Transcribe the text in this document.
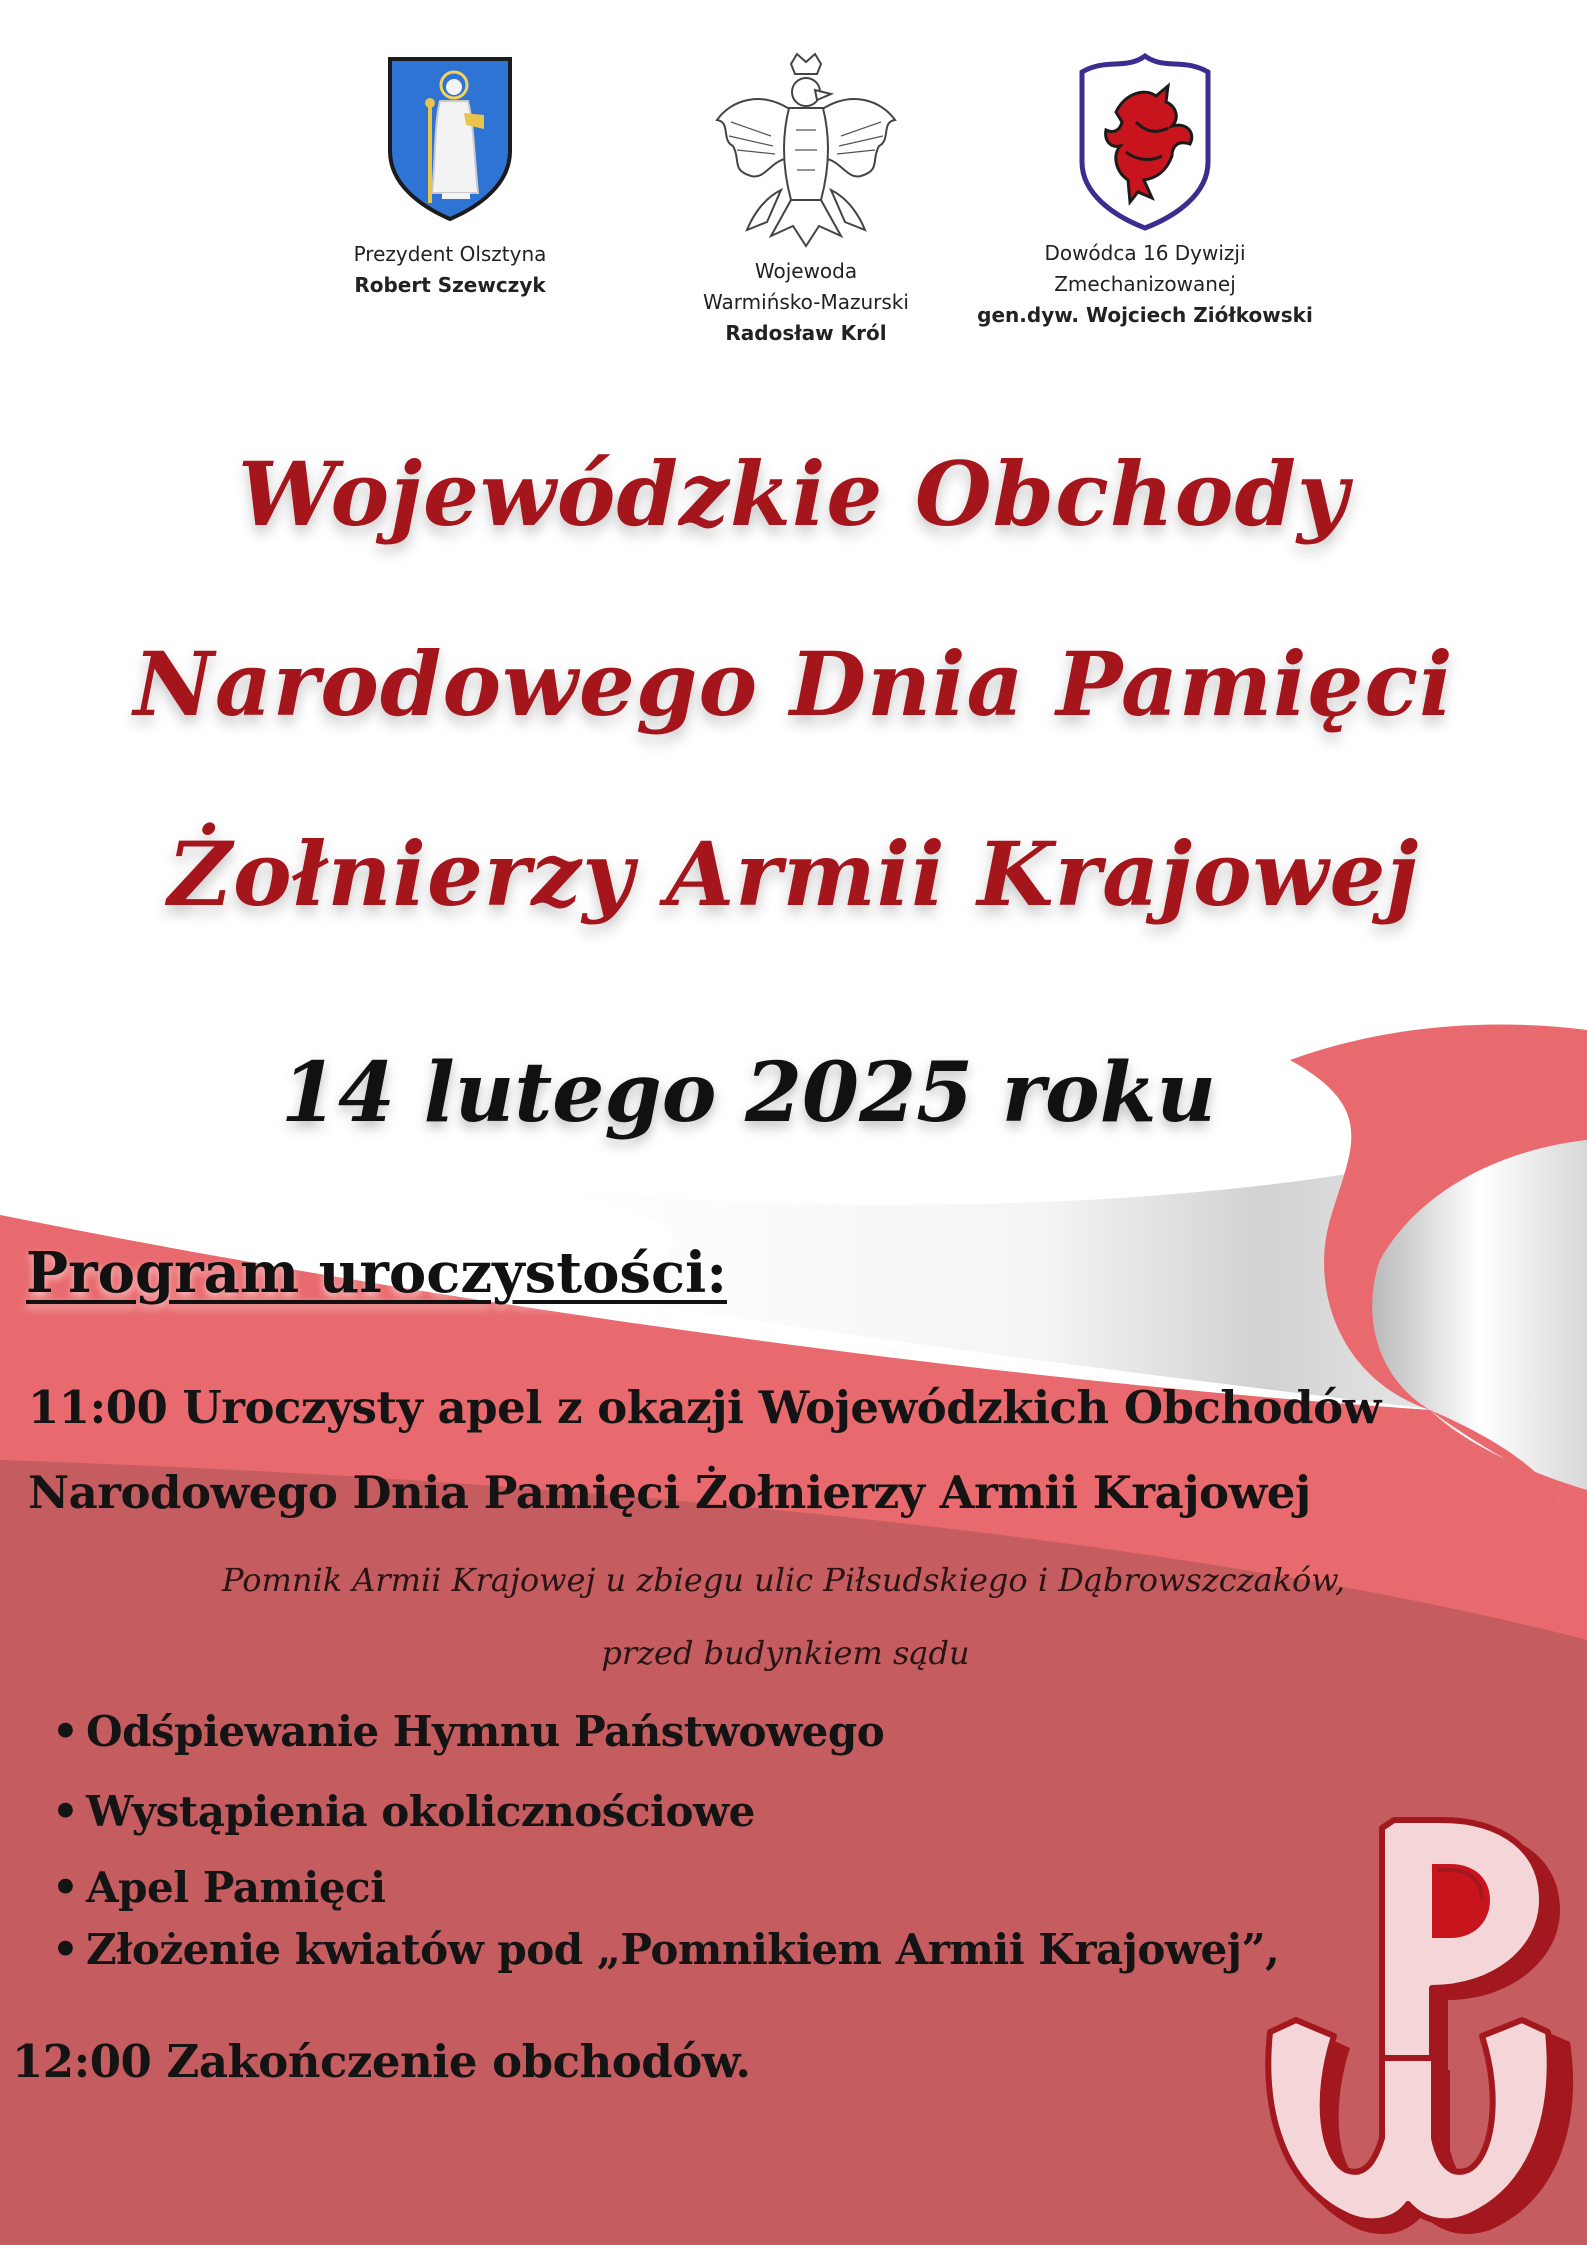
Prezydent Olsztyna
Robert Szewczyk
Wojewoda
Warmińsko-Mazurski
Radosław Król
Dowódca 16 Dywizji
Zmechanizowanej
gen.dyw. Wojciech Ziółkowski
Wojewódzkie Obchody
Narodowego Dnia Pamięci
Żołnierzy Armii Krajowej
14 lutego 2025 roku
Program uroczystości:
11:00 Uroczysty apel z okazji Wojewódzkich Obchodów
Narodowego Dnia Pamięci Żołnierzy Armii Krajowej
Pomnik Armii Krajowej u zbiegu ulic Piłsudskiego i Dąbrowszczaków,
przed budynkiem sądu
• Odśpiewanie Hymnu Państwowego
• Wystąpienia okolicznościowe
• Apel Pamięci
• Złożenie kwiatów pod „Pomnikiem Armii Krajowej”,
12:00 Zakończenie obchodów.
